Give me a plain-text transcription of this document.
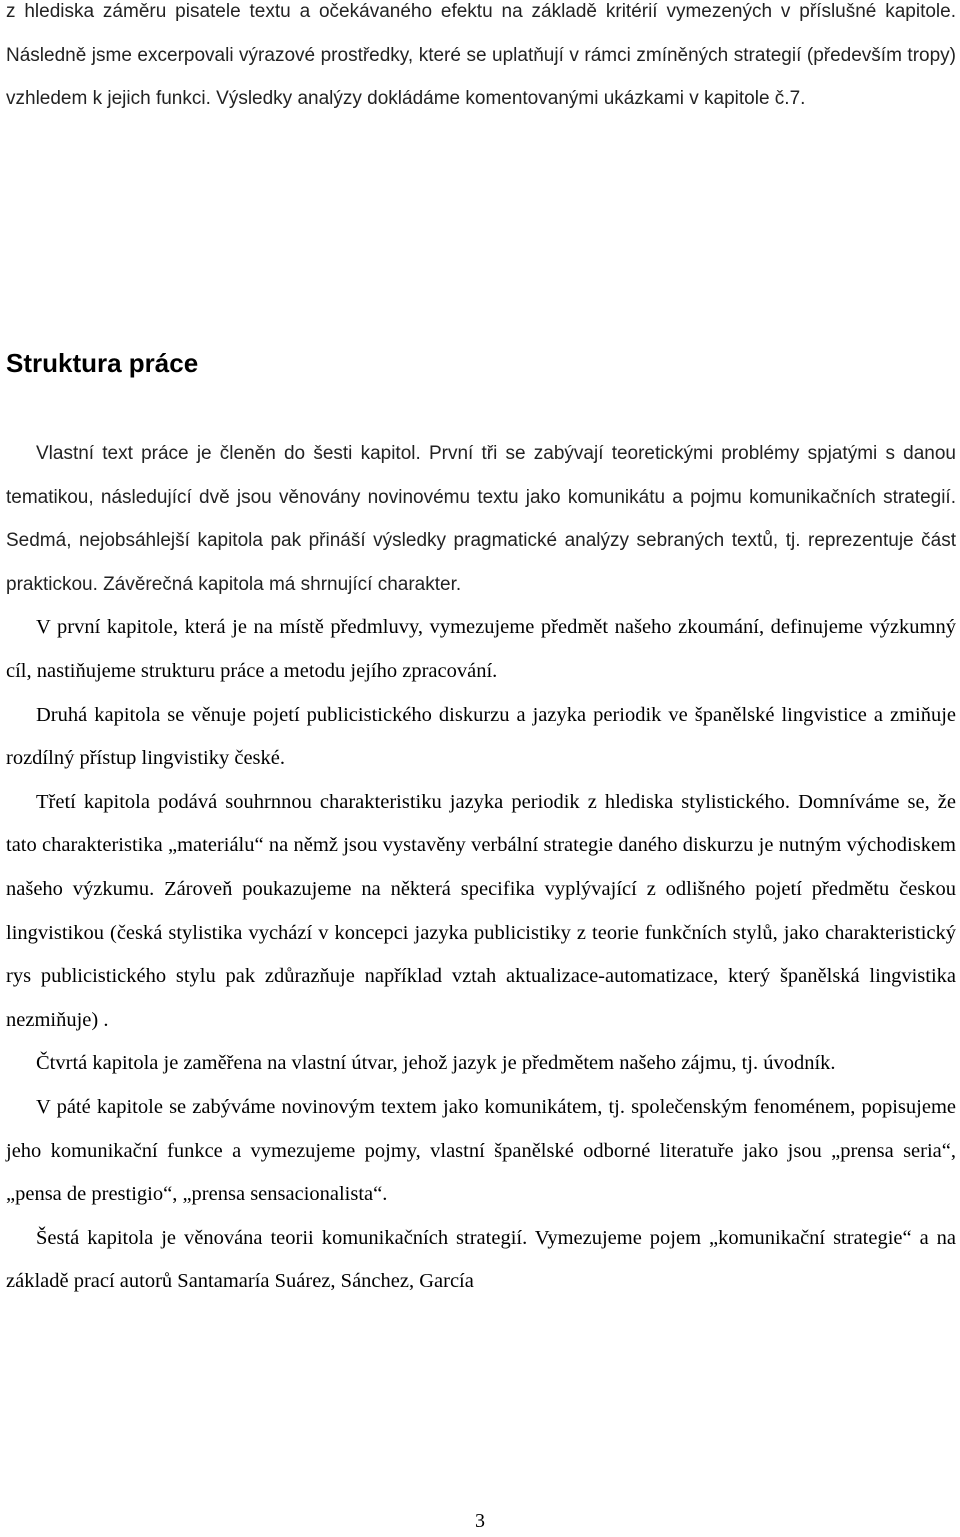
z hlediska záměru pisatele textu a očekávaného efektu na základě kritérií vymezených v příslušné kapitole. Následně jsme excerpovali výrazové prostředky, které se uplatňují v rámci zmíněných strategií (především tropy) vzhledem k jejich funkci. Výsledky analýzy dokládáme komentovanými ukázkami v kapitole č.7.

Struktura práce

Vlastní text práce je členěn do šesti kapitol. První tři se zabývají teoretickými problémy spjatými s danou tematikou, následující dvě jsou věnovány novinovému textu jako komunikátu a pojmu komunikačních strategií. Sedmá, nejobsáhlejší kapitola pak přináší výsledky pragmatické analýzy sebraných textů, tj. reprezentuje část praktickou. Závěrečná kapitola má shrnující charakter.

V první kapitole, která je na místě předmluvy, vymezujeme předmět našeho zkoumání, definujeme výzkumný cíl, nastiňujeme strukturu práce a metodu jejího zpracování.

Druhá kapitola se věnuje pojetí publicistického diskurzu a jazyka periodik ve španělské lingvistice a zmiňuje rozdílný přístup lingvistiky české.

Třetí kapitola podává souhrnnou charakteristiku jazyka periodik z hlediska stylistického. Domníváme se, že tato charakteristika „materiálu“ na němž jsou vystavěny verbální strategie daného diskurzu je nutným východiskem našeho výzkumu. Zároveň poukazujeme na některá specifika vyplývající z odlišného pojetí předmětu českou lingvistikou (česká stylistika vychází v koncepci jazyka publicistiky z teorie funkčních stylů, jako charakteristický rys publicistického stylu pak zdůrazňuje například vztah aktualizace-automatizace, který španělská lingvistika nezmiňuje) .

Čtvrtá kapitola je zaměřena na vlastní útvar, jehož jazyk je předmětem našeho zájmu, tj. úvodník.

V páté kapitole se zabýváme novinovým textem jako komunikátem, tj. společenským fenoménem, popisujeme jeho komunikační funkce a vymezujeme pojmy, vlastní španělské odborné literatuře jako jsou „prensa seria“, „pensa de prestigio“, „prensa sensacionalista“.

Šestá kapitola je věnována teorii komunikačních strategií. Vymezujeme pojem „komunikační strategie“ a na základě prací autorů Santamaría Suárez, Sánchez, García

3
